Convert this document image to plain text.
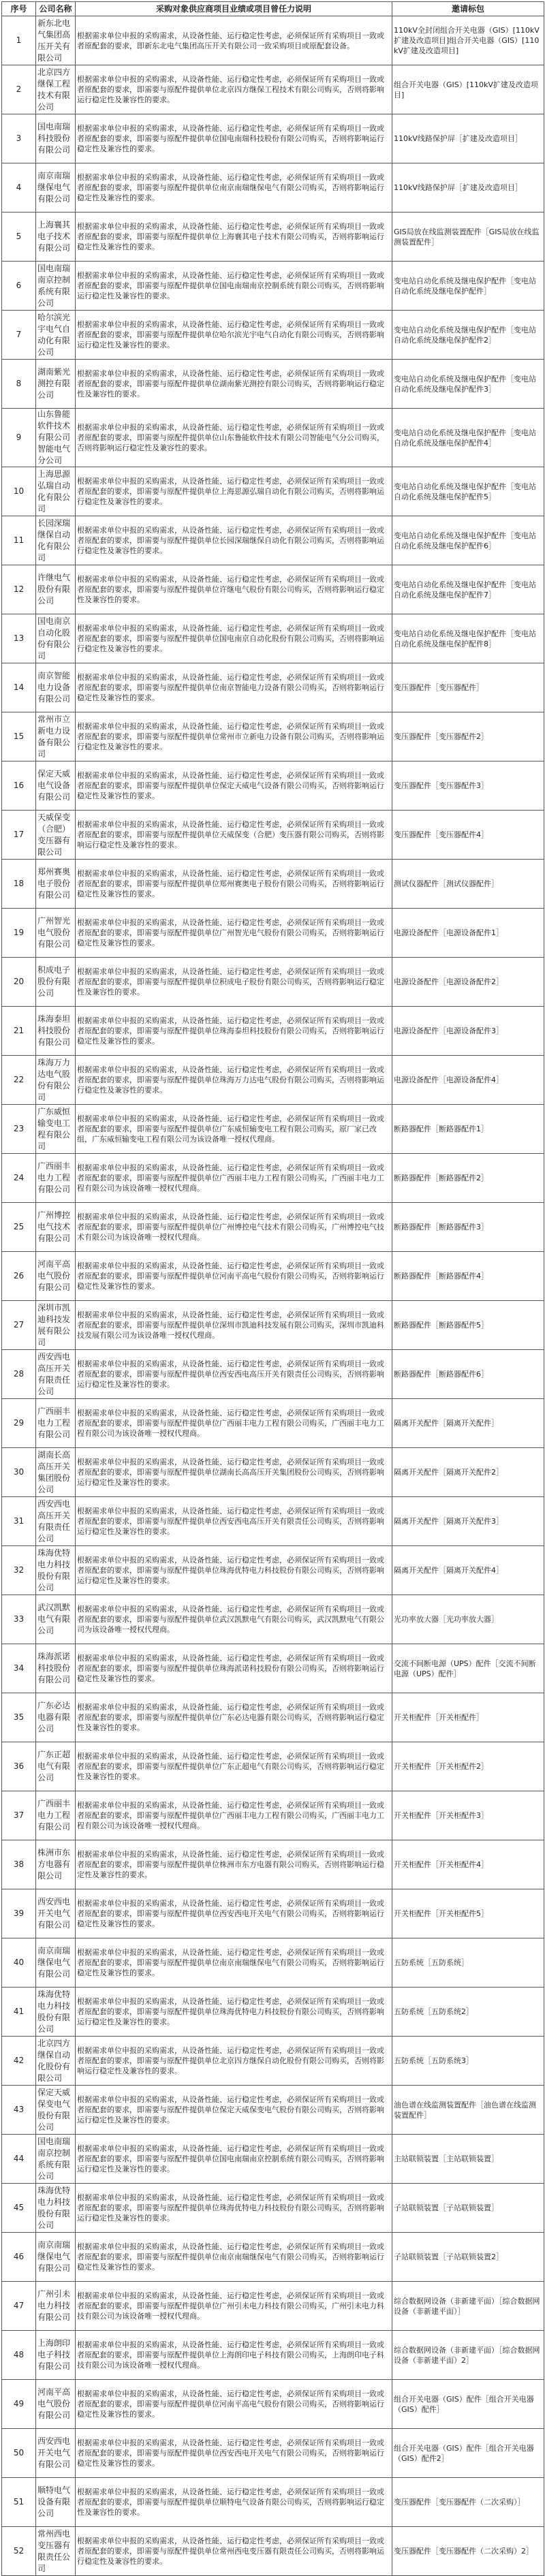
序号	公司名称	采购对象供应商项目业绩或项目曾任力说明	邀请标包
1	新东北电气集团高压开关有限公司	根据需求单位申报的采购需求，从设备性能、运行稳定性考虑，必须保证所有采购项目一致或者原配套的要求，即新东北电气集团高压开关有限公司一致采购项目或原配套设备。	110kV全封闭组合开关电器（GIS）[110kV扩建及改造项目]组合开关电器（GIS）[110kV扩建及改造项目]
2	北京四方继保工程技术有限公司	根据需求单位申报的采购需求，从设备性能、运行稳定性考虑，必须保证所有采购项目一致或者原配套的要求，即需要与原配件提供单位北京四方继保工程技术有限公司购买，否则将影响运行稳定性及兼容性的要求。	组合开关电器（GIS）[110kV扩建及改造项目]
3	国电南瑞科技股份有限公司	根据需求单位申报的采购需求，从设备性能、运行稳定性考虑，必须保证所有采购项目一致或者原配套的要求，即需要与原配件提供单位国电南瑞科技股份有限公司购买，否则将影响运行稳定性及兼容性的要求。	110kV线路保护屏［扩建及改造项目］
4	南京南瑞继保电气有限公司	根据需求单位申报的采购需求，从设备性能、运行稳定性考虑，必须保证所有采购项目一致或者原配套的要求，即需要与原配件提供单位南京南瑞继保电气有限公司购买，否则将影响运行稳定性及兼容性的要求。	110kV线路保护屏［扩建及改造项目］
5	上海襄其电子技术有限公司	根据需求单位申报的采购需求，从设备性能、运行稳定性考虑，必须保证所有采购项目一致或者原配套的要求，即需要与原配件提供单位上海襄其电子技术有限公司购买，否则将影响运行稳定性及兼容性的要求。	GIS局放在线监测装置配件［GIS局放在线监测装置配件］
6	国电南瑞南京控制系统有限公司	根据需求单位申报的采购需求，从设备性能、运行稳定性考虑，必须保证所有采购项目一致或者原配套的要求，即需要与原配件提供单位国电南瑞南京控制系统有限公司购买，否则将影响运行稳定性及兼容性的要求。	变电站自动化系统及继电保护配件［变电站自动化系统及继电保护配件］
7	哈尔滨光宇电气自动化有限公司	根据需求单位申报的采购需求，从设备性能、运行稳定性考虑，必须保证所有采购项目一致或者原配套的要求，即需要与原配件提供单位哈尔滨光宇电气自动化有限公司购买，否则将影响运行稳定性及兼容性的要求。	变电站自动化系统及继电保护配件［变电站自动化系统及继电保护配件2］
8	湖南紫光测控有限公司	根据需求单位申报的采购需求，从设备性能、运行稳定性考虑，必须保证所有采购项目一致或者原配套的要求，即需要与原配件提供单位湖南紫光测控有限公司购买，否则将影响运行稳定性及兼容性的要求。	变电站自动化系统及继电保护配件［变电站自动化系统及继电保护配件3］
9	山东鲁能软件技术有限公司智能电气分公司	根据需求单位申报的采购需求，从设备性能、运行稳定性考虑，必须保证所有采购项目一致或者原配套的要求，即需要与原配件提供单位山东鲁能软件技术有限公司智能电气分公司购买，否则将影响运行稳定性及兼容性的要求。	变电站自动化系统及继电保护配件［变电站自动化系统及继电保护配件4］
10	上海思源弘瑞自动化有限公司	根据需求单位申报的采购需求，从设备性能、运行稳定性考虑，必须保证所有采购项目一致或者原配套的要求，即需要与原配件提供单位上海思源弘瑞自动化有限公司购买，否则将影响运行稳定性及兼容性的要求。	变电站自动化系统及继电保护配件［变电站自动化系统及继电保护配件5］
11	长园深瑞继保自动化有限公司	根据需求单位申报的采购需求，从设备性能、运行稳定性考虑，必须保证所有采购项目一致或者原配套的要求，即需要与原配件提供单位长园深瑞继保自动化有限公司购买，否则将影响运行稳定性及兼容性的要求。	变电站自动化系统及继电保护配件［变电站自动化系统及继电保护配件6］
12	许继电气股份有限公司	根据需求单位申报的采购需求，从设备性能、运行稳定性考虑，必须保证所有采购项目一致或者原配套的要求，即需要与原配件提供单位许继电气股份有限公司购买，否则将影响运行稳定性及兼容性的要求。	变电站自动化系统及继电保护配件［变电站自动化系统及继电保护配件7］
13	国电南京自动化股份有限公司	根据需求单位申报的采购需求，从设备性能、运行稳定性考虑，必须保证所有采购项目一致或者原配套的要求，即需要与原配件提供单位国电南京自动化股份有限公司购买，否则将影响运行稳定性及兼容性的要求。	变电站自动化系统及继电保护配件［变电站自动化系统及继电保护配件8］
14	南京智能电力设备有限公司	根据需求单位申报的采购需求，从设备性能、运行稳定性考虑，必须保证所有采购项目一致或者原配套的要求，即需要与原配件提供单位南京智能电力设备有限公司购买，否则将影响运行稳定性及兼容性的要求。	变压器配件［变压器配件］
15	常州市立新电力设备有限公司	根据需求单位申报的采购需求，从设备性能、运行稳定性考虑，必须保证所有采购项目一致或者原配套的要求，即需要与原配件提供单位常州市立新电力设备有限公司购买，否则将影响运行稳定性及兼容性的要求。	变压器配件［变压器配件2］
16	保定天威电气设备有限公司	根据需求单位申报的采购需求，从设备性能、运行稳定性考虑，必须保证所有采购项目一致或者原配套的要求，即需要与原配件提供单位保定天威电气设备有限公司购买，否则将影响运行稳定性及兼容性的要求。	变压器配件［变压器配件3］
17	天威保变（合肥）变压器有限公司	根据需求单位申报的采购需求，从设备性能、运行稳定性考虑，必须保证所有采购项目一致或者原配套的要求，即需要与原配件提供单位天威保变（合肥）变压器有限公司购买，否则将影响运行稳定性及兼容性的要求。	变压器配件［变压器配件4］
18	郑州赛奥电子股份有限公司	根据需求单位申报的采购需求，从设备性能、运行稳定性考虑，必须保证所有采购项目一致或者原配套的要求，即需要与原配件提供单位郑州赛奥电子股份有限公司购买，否则将影响运行稳定性及兼容性的要求。	测试仪器配件［测试仪器配件］
19	广州智光电气股份有限公司	根据需求单位申报的采购需求，从设备性能、运行稳定性考虑，必须保证所有采购项目一致或者原配套的要求，即需要与原配件提供单位广州智光电气股份有限公司购买，否则将影响运行稳定性及兼容性的要求。	电源设备配件［电源设备配件1］
20	积成电子股份有限公司	根据需求单位申报的采购需求，从设备性能、运行稳定性考虑，必须保证所有采购项目一致或者原配套的要求，即需要与原配件提供单位积成电子股份有限公司购买，否则将影响运行稳定性及兼容性的要求。	电源设备配件［电源设备配件2］
21	珠海泰坦科技股份有限公司	根据需求单位申报的采购需求，从设备性能、运行稳定性考虑，必须保证所有采购项目一致或者原配套的要求，即需要与原配件提供单位珠海泰坦科技股份有限公司购买，否则将影响运行稳定性及兼容性的要求。	电源设备配件［电源设备配件3］
22	珠海万力达电气股份有限公司	根据需求单位申报的采购需求，从设备性能、运行稳定性考虑，必须保证所有采购项目一致或者原配套的要求，即需要与原配件提供单位珠海万力达电气股份有限公司购买，否则将影响运行稳定性及兼容性的要求。	电源设备配件［电源设备配件4］
23	广东威恒输变电工程有限公司	根据需求单位申报的采购需求，从设备性能、运行稳定性考虑，必须保证所有采购项目一致或者原配套的要求，即需要与原配件提供单位广东威恒输变电工程有限公司购买，原厂家已改组，广东威恒输变电工程有限公司为该设备唯一授权代理商。	断路器配件［断路器配件1］
24	广西丽丰电力工程有限公司	根据需求单位申报的采购需求，从设备性能、运行稳定性考虑，必须保证所有采购项目一致或者原配套的要求，即需要与原配件提供单位广西丽丰电力工程有限公司购买，广西丽丰电力工程有限公司为该设备唯一授权代理商。	断路器配件［断路器配件2］
25	广州博控电气技术有限公司	根据需求单位申报的采购需求，从设备性能、运行稳定性考虑，必须保证所有采购项目一致或者原配套的要求，即需要与原配件提供单位广州博控电气技术有限公司购买，广州博控电气技术有限公司为该设备唯一授权代理商。	断路器配件［断路器配件3］
26	河南平高电气股份有限公司	根据需求单位申报的采购需求，从设备性能、运行稳定性考虑，必须保证所有采购项目一致或者原配套的要求，即需要与原配件提供单位河南平高电气股份有限公司购买，否则将影响运行稳定性及兼容性的要求。	断路器配件［断路器配件4］
27	深圳市凯迪科技发展有限公司	根据需求单位申报的采购需求，从设备性能、运行稳定性考虑，必须保证所有采购项目一致或者原配套的要求，即需要与原配件提供单位深圳市凯迪科技发展有限公司购买，深圳市凯迪科技发展有限公司为该设备唯一授权代理商。	断路器配件［断路器配件5］
28	西安西电高压开关有限责任公司	根据需求单位申报的采购需求，从设备性能、运行稳定性考虑，必须保证所有采购项目一致或者原配套的要求，即需要与原配件提供单位西安西电高压开关有限责任公司购买，否则将影响运行稳定性及兼容性的要求。	断路器配件［断路器配件6］
29	广西丽丰电力工程有限公司	根据需求单位申报的采购需求，从设备性能、运行稳定性考虑，必须保证所有采购项目一致或者原配套的要求，即需要与原配件提供单位广西丽丰电力工程有限公司购买，广西丽丰电力工程有限公司为该设备唯一授权代理商。	隔离开关配件［隔离开关配件］
30	湖南长高高压开关集团股份公司	根据需求单位申报的采购需求，从设备性能、运行稳定性考虑，必须保证所有采购项目一致或者原配套的要求，即需要与原配件提供单位湖南长高高压开关集团股份公司购买，否则将影响运行稳定性及兼容性的要求。	隔离开关配件［隔离开关配件2］
31	西安西电高压开关有限责任公司	根据需求单位申报的采购需求，从设备性能、运行稳定性考虑，必须保证所有采购项目一致或者原配套的要求，即需要与原配件提供单位西安西电高压开关有限责任公司购买，否则将影响运行稳定性及兼容性的要求。	隔离开关配件［隔离开关配件3］
32	珠海优特电力科技股份有限公司	根据需求单位申报的采购需求，从设备性能、运行稳定性考虑，必须保证所有采购项目一致或者原配套的要求，即需要与原配件提供单位珠海优特电力科技股份有限公司购买，否则将影响运行稳定性及兼容性的要求。	隔离开关配件［隔离开关配件4］
33	武汉凯默电气有限公司	根据需求单位申报的采购需求，从设备性能、运行稳定性考虑，必须保证所有采购项目一致或者原配套的要求，即需要与原配件提供单位武汉凯默电气有限公司购买，武汉凯默电气有限公司为该设备唯一授权代理商。	光功率放大器［光功率放大器］
34	珠海派诺科技股份有限公司	根据需求单位申报的采购需求，从设备性能、运行稳定性考虑，必须保证所有采购项目一致或者原配套的要求，即需要与原配件提供单位珠海派诺科技股份有限公司购买，否则将影响运行稳定性及兼容性的要求。	交流不间断电源（UPS）配件［交流不间断电源（UPS）配件］
35	广东必达电器有限公司	根据需求单位申报的采购需求，从设备性能、运行稳定性考虑，必须保证所有采购项目一致或者原配套的要求，即需要与原配件提供单位广东必达电器有限公司购买，否则将影响运行稳定性及兼容性的要求。	开关柜配件［开关柜配件］
36	广东正超电气有限公司	根据需求单位申报的采购需求，从设备性能、运行稳定性考虑，必须保证所有采购项目一致或者原配套的要求，即需要与原配件提供单位广东正超电气有限公司购买，否则将影响运行稳定性及兼容性的要求。	开关柜配件［开关柜配件2］
37	广西丽丰电力工程有限公司	根据需求单位申报的采购需求，从设备性能、运行稳定性考虑，必须保证所有采购项目一致或者原配套的要求，即需要与原配件提供单位广西丽丰电力工程有限公司购买，广西丽丰电力工程有限公司为该设备唯一授权代理商。	开关柜配件［开关柜配件3］
38	株洲市东方电器有限公司	根据需求单位申报的采购需求，从设备性能、运行稳定性考虑，必须保证所有采购项目一致或者原配套的要求，即需要与原配件提供单位株洲市东方电器有限公司购买，否则将影响运行稳定性及兼容性的要求。	开关柜配件［开关柜配件4］
39	西安西电开关电气有限公司	根据需求单位申报的采购需求，从设备性能、运行稳定性考虑，必须保证所有采购项目一致或者原配套的要求，即需要与原配件提供单位西安西电开关电气有限公司购买，否则将影响运行稳定性及兼容性的要求。	开关柜配件［开关柜配件5］
40	南京南瑞继保电气有限公司	根据需求单位申报的采购需求，从设备性能、运行稳定性考虑，必须保证所有采购项目一致或者原配套的要求，即需要与原配件提供单位南京南瑞继保电气有限公司购买，否则将影响运行稳定性及兼容性的要求。	五防系统［五防系统］
41	珠海优特电力科技股份有限公司	根据需求单位申报的采购需求，从设备性能、运行稳定性考虑，必须保证所有采购项目一致或者原配套的要求，即需要与原配件提供单位珠海优特电力科技股份有限公司购买，否则将影响运行稳定性及兼容性的要求。	五防系统［五防系统2］
42	北京四方继保自动化股份有限公司	根据需求单位申报的采购需求，从设备性能、运行稳定性考虑，必须保证所有采购项目一致或者原配套的要求，即需要与原配件提供单位北京四方继保自动化股份有限公司购买，否则将影响运行稳定性及兼容性的要求。	五防系统［五防系统3］
43	保定天威保变电气股份有限公司	根据需求单位申报的采购需求，从设备性能、运行稳定性考虑，必须保证所有采购项目一致或者原配套的要求，即需要与原配件提供单位保定天威保变电气股份有限公司购买，否则将影响运行稳定性及兼容性的要求。	油色谱在线监测装置配件［油色谱在线监测装置配件］
44	国电南瑞南京控制系统有限公司	根据需求单位申报的采购需求，从设备性能、运行稳定性考虑，必须保证所有采购项目一致或者原配套的要求，即需要与原配件提供单位国电南瑞南京控制系统有限公司购买，否则将影响运行稳定性及兼容性的要求。	主站联锁装置［主站联锁装置］
45	珠海优特电力科技股份有限公司	根据需求单位申报的采购需求，从设备性能、运行稳定性考虑，必须保证所有采购项目一致或者原配套的要求，即需要与原配件提供单位珠海优特电力科技股份有限公司购买，否则将影响运行稳定性及兼容性的要求。	子站联锁装置［子站联锁装置］
46	南京南瑞继保电气有限公司	根据需求单位申报的采购需求，从设备性能、运行稳定性考虑，必须保证所有采购项目一致或者原配套的要求，即需要与原配件提供单位南京南瑞继保电气有限公司购买，否则将影响运行稳定性及兼容性的要求。	子站联锁装置［子站联锁装置2］
47	广州引未电力科技有限公司	根据需求单位申报的采购需求，从设备性能、运行稳定性考虑，必须保证所有采购项目一致或者原配套的要求，即需要与原配件提供单位广州引未电力科技有限公司购买，广州引未电力科技有限公司为该设备唯一授权代理商。	综合数据网设备（非新建平面）［综合数据网设备（非新建平面）］
48	上海朗印电子科技有限公司	根据需求单位申报的采购需求，从设备性能、运行稳定性考虑，必须保证所有采购项目一致或者原配套的要求，即需要与原配件提供单位上海朗印电子科技有限公司购买，上海朗印电子科技有限公司为该设备唯一授权代理商。	综合数据网设备（非新建平面）［综合数据网设备（非新建平面）2］
49	河南平高电气股份有限公司	根据需求单位申报的采购需求，从设备性能、运行稳定性考虑，必须保证所有采购项目一致或者原配套的要求，即需要与原配件提供单位河南平高电气股份有限公司购买，否则将影响运行稳定性及兼容性的要求。	组合开关电器（GIS）配件［组合开关电器（GIS）配件］
50	西安西电开关电气有限公司	根据需求单位申报的采购需求，从设备性能、运行稳定性考虑，必须保证所有采购项目一致或者原配套的要求，即需要与原配件提供单位西安西电开关电气有限公司购买，否则将影响运行稳定性及兼容性的要求。	组合开关电器（GIS）配件［组合开关电器（GIS）配件2］
51	顺特电气设备有限公司	根据需求单位申报的采购需求，从设备性能、运行稳定性考虑，必须保证所有采购项目一致或者原配套的要求，即需要与原配件提供单位顺特电气设备有限公司购买，否则将影响运行稳定性及兼容性的要求。	变压器配件［变压器配件（二次采购）］
52	常州西电变压器有限责任公司	根据需求单位申报的采购需求，从设备性能、运行稳定性考虑，必须保证所有采购项目一致或者原配套的要求，即需要与原配件提供单位常州西电变压器有限责任公司购买，否则将影响运行稳定性及兼容性的要求。	变压器配件［变压器配件（二次采购）2］
